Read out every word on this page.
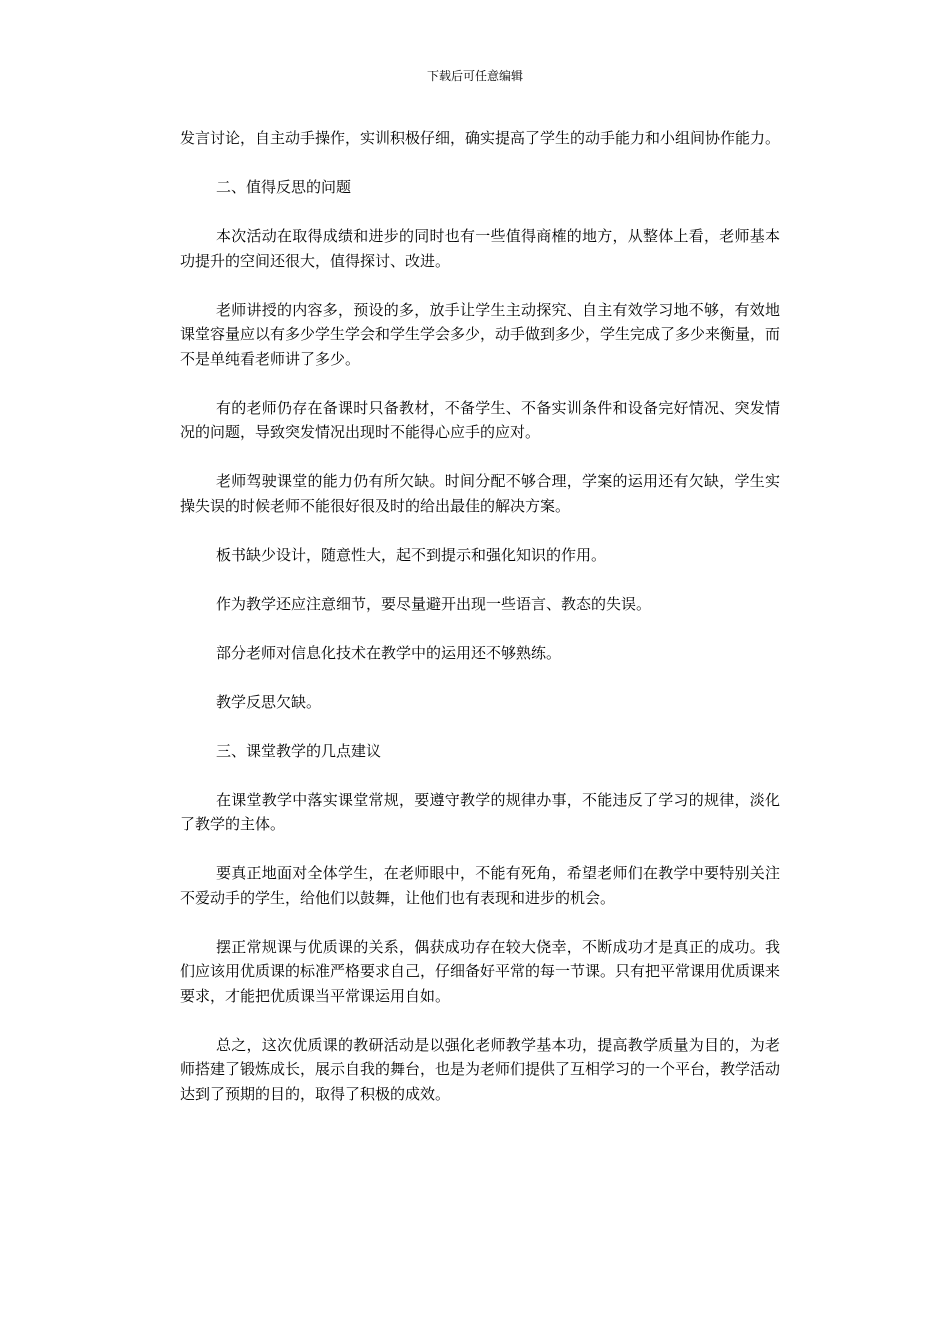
下载后可任意编辑

发言讨论，自主动手操作，实训积极仔细，确实提高了学生的动手能力和小组间协作能力。

二、值得反思的问题

本次活动在取得成绩和进步的同时也有一些值得商榷的地方，从整体上看，老师基本功提升的空间还很大，值得探讨、改进。

老师讲授的内容多，预设的多，放手让学生主动探究、自主有效学习地不够，有效地课堂容量应以有多少学生学会和学生学会多少，动手做到多少，学生完成了多少来衡量，而不是单纯看老师讲了多少。

有的老师仍存在备课时只备教材，不备学生、不备实训条件和设备完好情况、突发情况的问题，导致突发情况出现时不能得心应手的应对。

老师驾驶课堂的能力仍有所欠缺。时间分配不够合理，学案的运用还有欠缺，学生实操失误的时候老师不能很好很及时的给出最佳的解决方案。

板书缺少设计，随意性大，起不到提示和强化知识的作用。

作为教学还应注意细节，要尽量避开出现一些语言、教态的失误。

部分老师对信息化技术在教学中的运用还不够熟练。

教学反思欠缺。

三、课堂教学的几点建议

在课堂教学中落实课堂常规，要遵守教学的规律办事，不能违反了学习的规律，淡化了教学的主体。

要真正地面对全体学生，在老师眼中，不能有死角，希望老师们在教学中要特别关注不爱动手的学生，给他们以鼓舞，让他们也有表现和进步的机会。

摆正常规课与优质课的关系，偶获成功存在较大侥幸，不断成功才是真正的成功。我们应该用优质课的标准严格要求自己，仔细备好平常的每一节课。只有把平常课用优质课来要求，才能把优质课当平常课运用自如。

总之，这次优质课的教研活动是以强化老师教学基本功，提高教学质量为目的，为老师搭建了锻炼成长，展示自我的舞台，也是为老师们提供了互相学习的一个平台，教学活动达到了预期的目的，取得了积极的成效。
